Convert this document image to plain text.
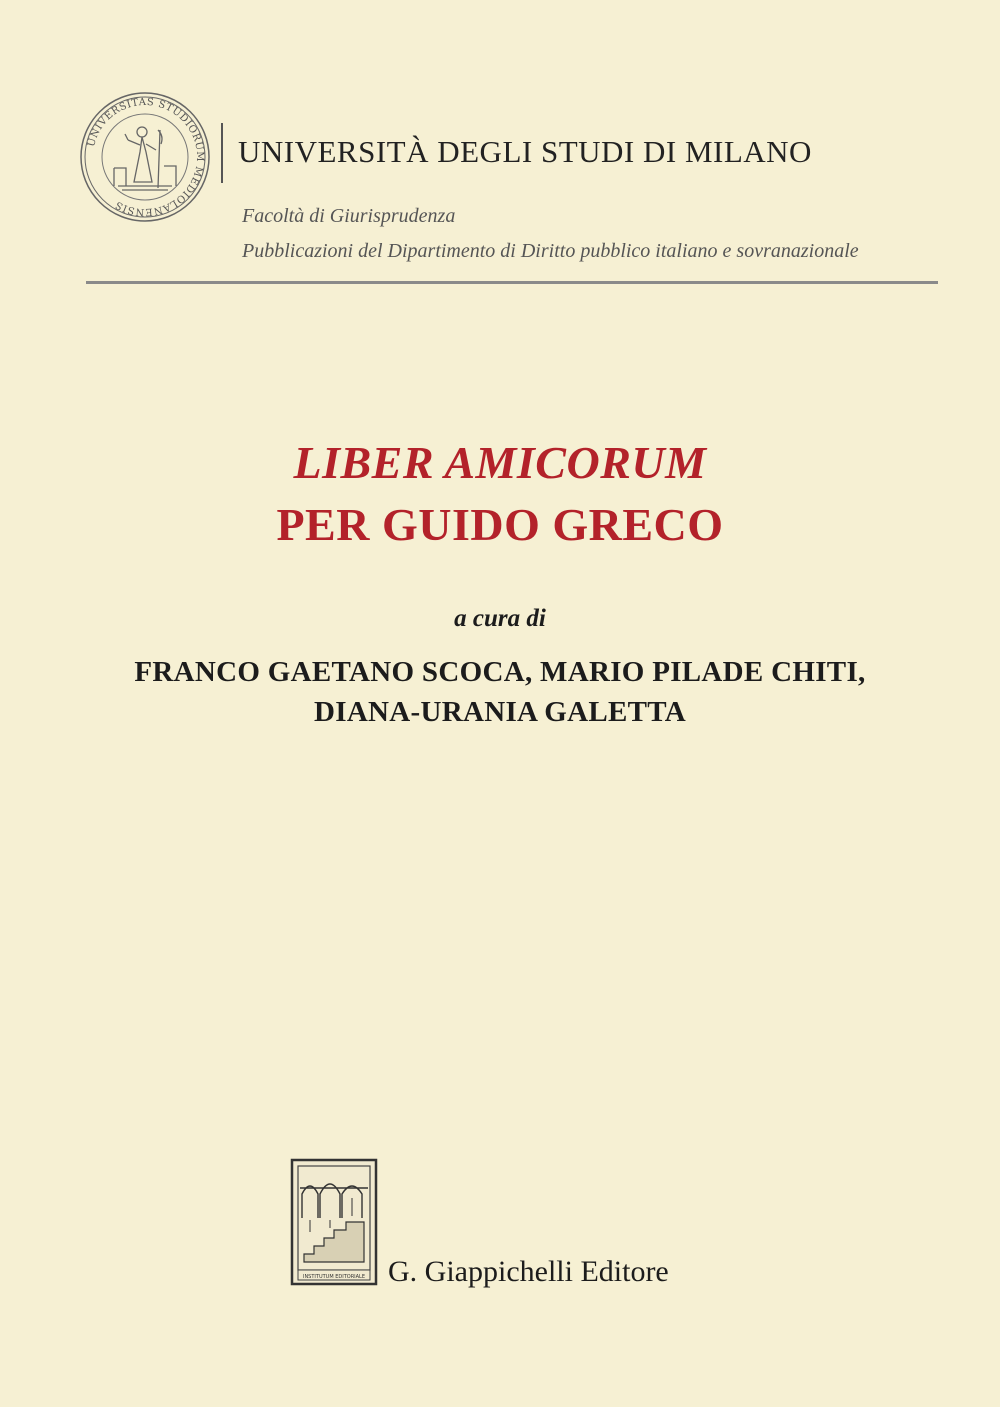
UNIVERSITAS STUDIORUM MEDIOLANENSIS
UNIVERSITÀ DEGLI STUDI DI MILANO
Facoltà di Giurisprudenza
Pubblicazioni del Dipartimento di Diritto pubblico italiano e sovranazionale
LIBER AMICORUM
PER GUIDO GRECO
a cura di
FRANCO GAETANO SCOCA, MARIO PILADE CHITI,
DIANA-URANIA GALETTA
INSTITUTUM EDITORIALE G. Giappichelli Editore
